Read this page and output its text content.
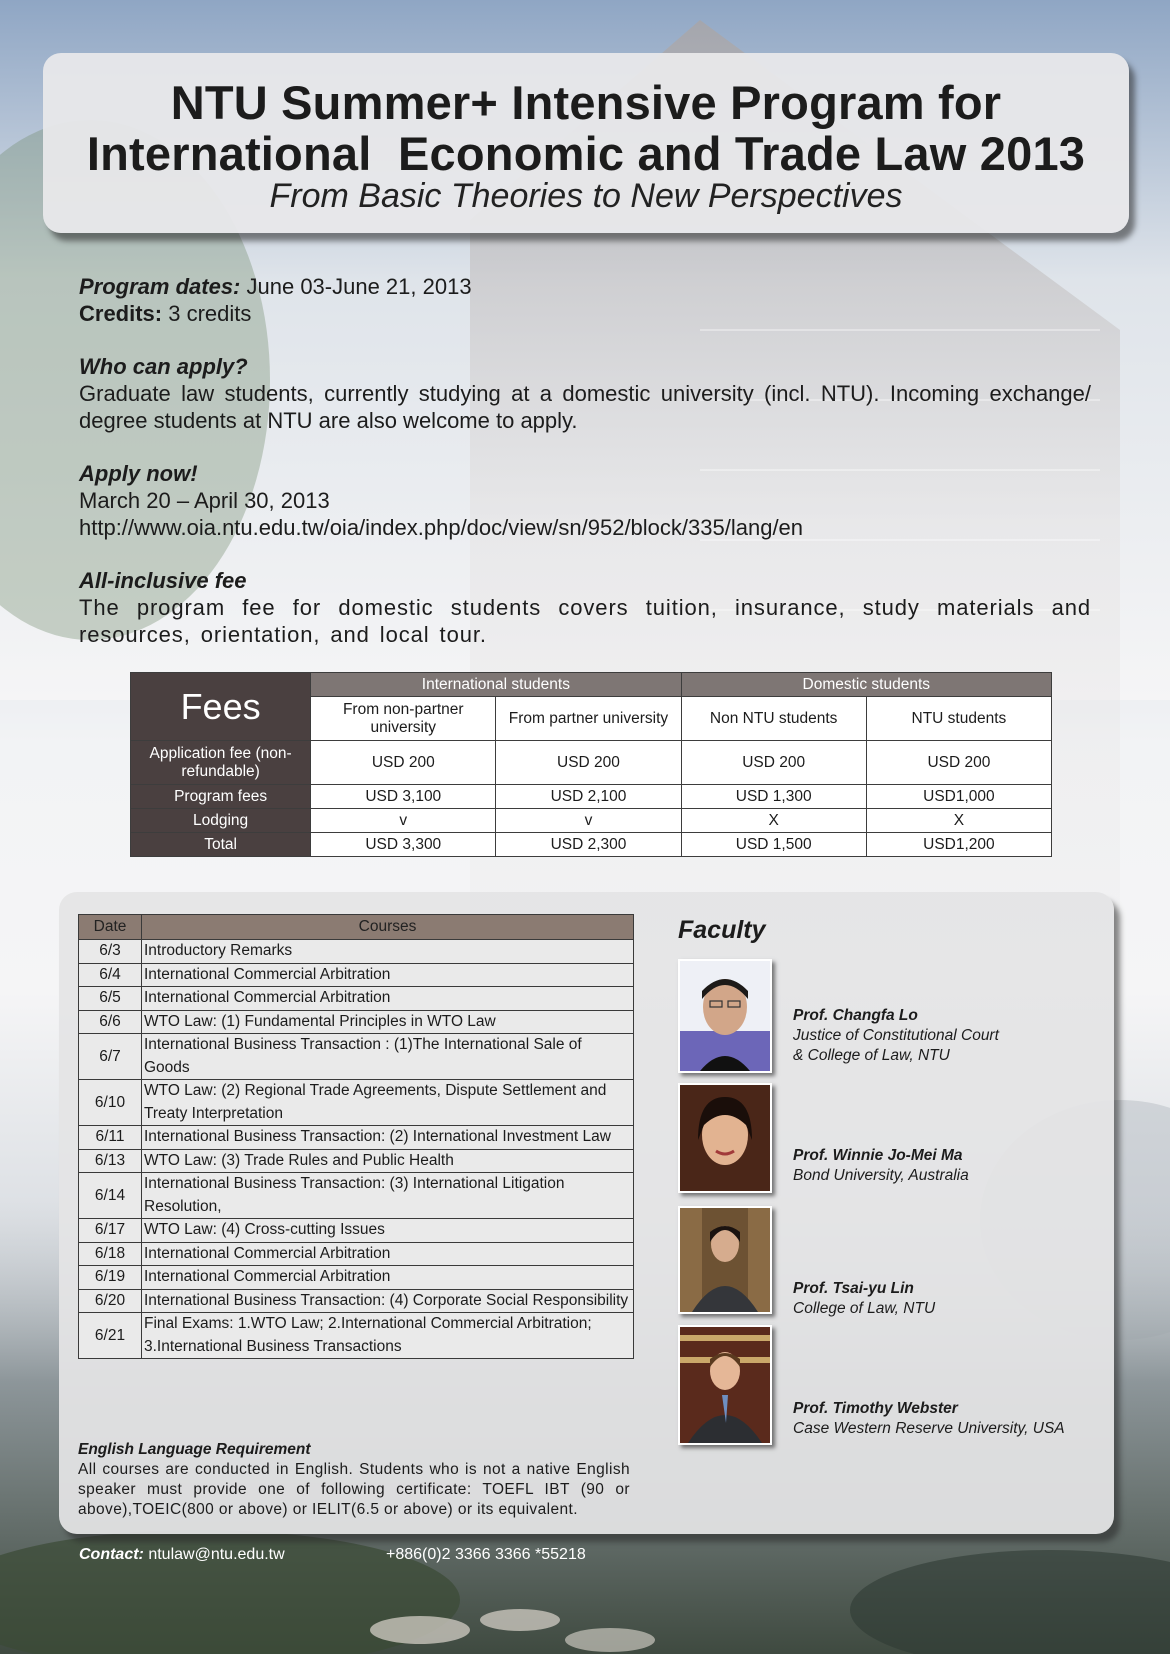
NTU Summer+ Intensive Program for
International  Economic and Trade Law 2013
From Basic Theories to New Perspectives

Program dates: June 03-June 21, 2013

Credits: 3 credits

Who can apply?

Graduate law students, currently studying at a domestic university (incl. NTU). Incoming exchange/ degree students at NTU are also welcome to apply.

Apply now!

March 20 – April 30, 2013

http://www.oia.ntu.edu.tw/oia/index.php/doc/view/sn/952/block/335/lang/en

All-inclusive fee

The program fee for domestic students covers tuition, insurance, study materials and resources, orientation, and local tour.

Fees	International students		Domestic students	
	From non-partner university	From partner university	Non NTU students	NTU students
Application fee (non-refundable)	USD 200	USD 200	USD 200	USD 200
Program fees	USD 3,100	USD 2,100	USD 1,300	USD1,000
Lodging	v	v	X	X
Total	USD 3,300	USD 2,300	USD 1,500	USD1,200
Date	Courses
6/3	Introductory Remarks
6/4	International Commercial Arbitration
6/5	International Commercial Arbitration
6/6	WTO Law: (1) Fundamental Principles in WTO Law
6/7	International Business Transaction : (1)The International Sale of Goods
6/10	WTO Law: (2) Regional Trade Agreements, Dispute Settlement and Treaty Interpretation
6/11	International Business Transaction: (2) International Investment Law
6/13	WTO Law: (3) Trade Rules and Public Health
6/14	International Business Transaction: (3) International Litigation Resolution,
6/17	WTO Law: (4) Cross-cutting Issues
6/18	International Commercial Arbitration
6/19	International Commercial Arbitration
6/20	International Business Transaction: (4) Corporate Social Responsibility
6/21	Final Exams: 1.WTO Law; 2.International Commercial Arbitration; 3.International Business Transactions
English Language Requirement
All courses are conducted in English. Students who is not a native English speaker must provide one of following certificate: TOEFL IBT (90 or above),TOEIC(800 or above) or IELIT(6.5 or above) or its equivalent.
Faculty
Prof. Changfa Lo
Justice of Constitutional Court
& College of Law, NTU
Prof. Winnie Jo-Mei Ma
Bond University, Australia
Prof. Tsai-yu Lin
College of Law, NTU
Prof. Timothy Webster
Case Western Reserve University, USA
Contact: ntulaw@ntu.edu.tw	+886(0)2 3366 3366 *55218
